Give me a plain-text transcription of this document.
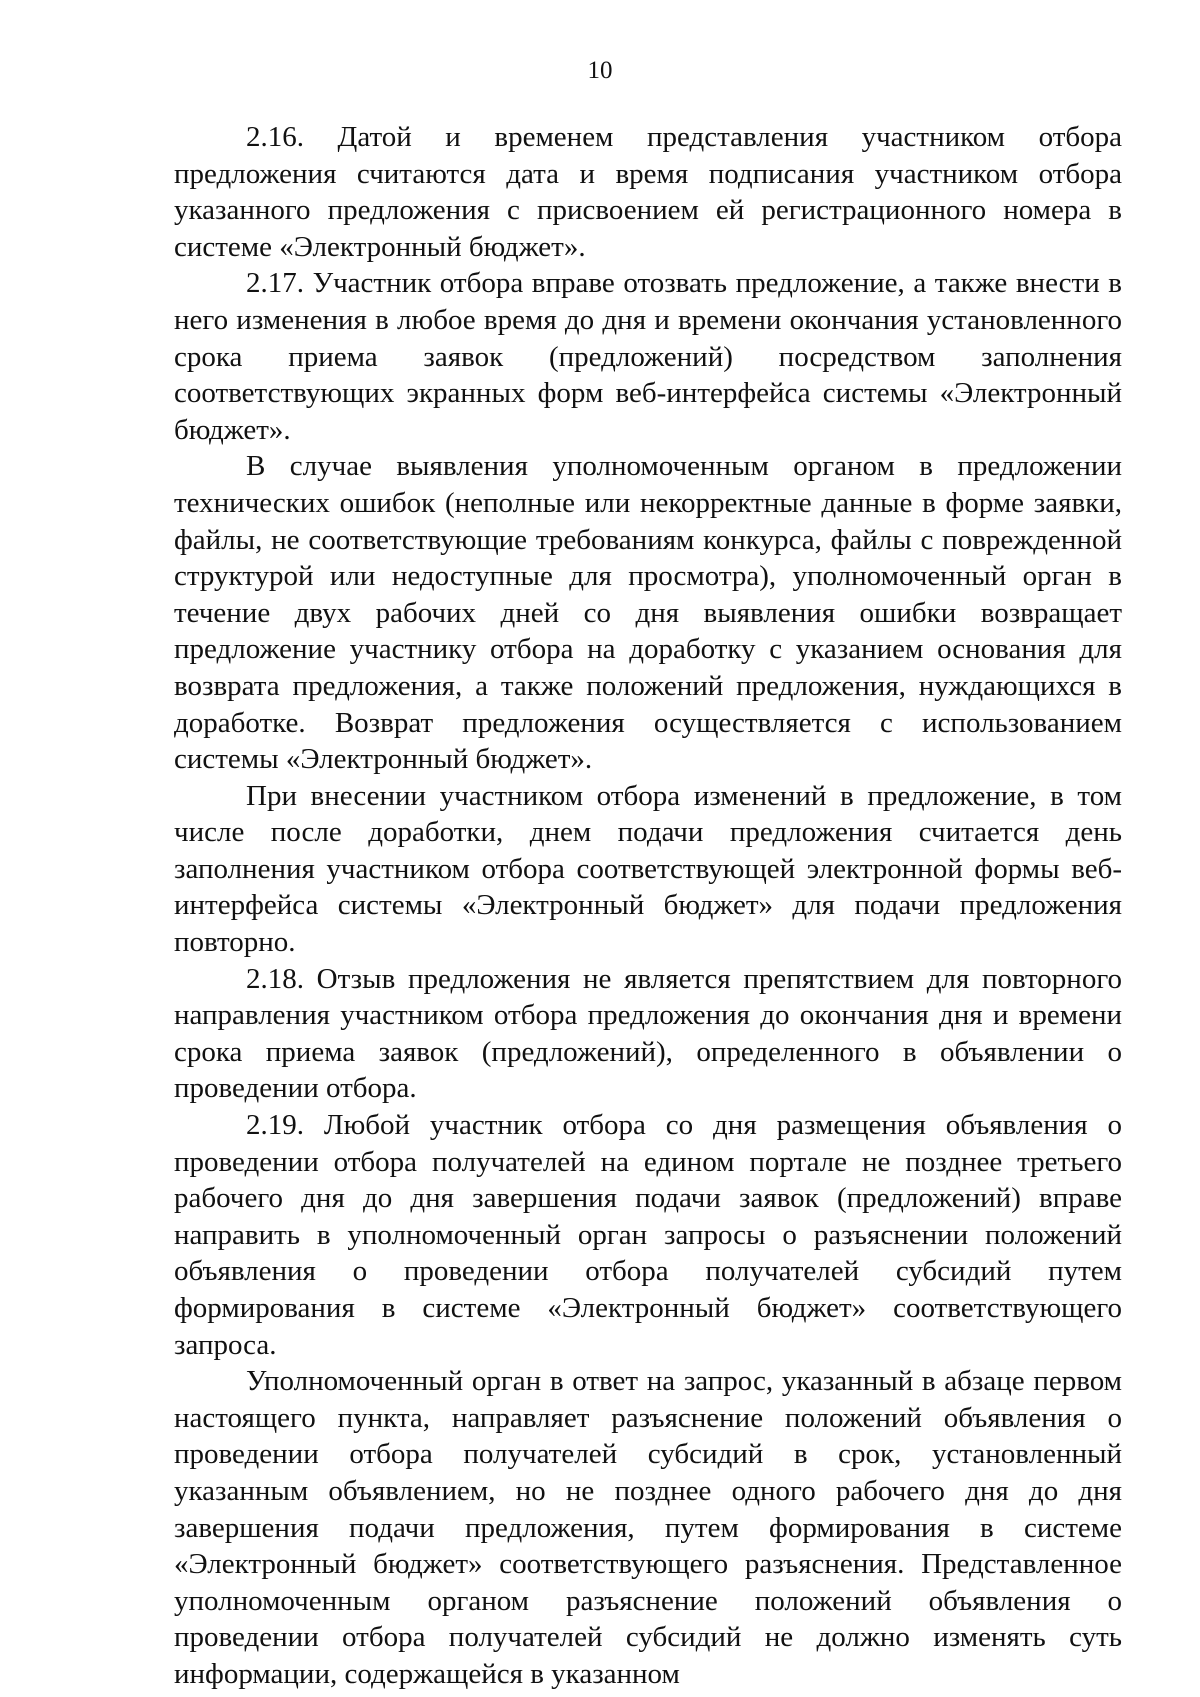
10

2.16. Датой и временем представления участником отбора предложения считаются дата и время подписания участником отбора указанного предложения с присвоением ей регистрационного номера в системе «Электронный бюджет».

2.17. Участник отбора вправе отозвать предложение, а также внести в него изменения в любое время до дня и времени окончания установленного срока приема заявок (предложений) посредством заполнения соответствующих экранных форм веб-интерфейса системы «Электронный бюджет».

В случае выявления уполномоченным органом в предложении технических ошибок (неполные или некорректные данные в форме заявки, файлы, не соответствующие требованиям конкурса, файлы с поврежденной структурой или недоступные для просмотра), уполномоченный орган в течение двух рабочих дней со дня выявления ошибки возвращает предложение участнику отбора на доработку с указанием основания для возврата предложения, а также положений предложения, нуждающихся в доработке. Возврат предложения осуществляется с использованием системы «Электронный бюджет».

При внесении участником отбора изменений в предложение, в том числе после доработки, днем подачи предложения считается день заполнения участником отбора соответствующей электронной формы веб-интерфейса системы «Электронный бюджет» для подачи предложения повторно.

2.18. Отзыв предложения не является препятствием для повторного направления участником отбора предложения до окончания дня и времени срока приема заявок (предложений), определенного в объявлении о проведении отбора.

2.19. Любой участник отбора со дня размещения объявления о проведении отбора получателей на едином портале не позднее третьего рабочего дня до дня завершения подачи заявок (предложений) вправе направить в уполномоченный орган запросы о разъяснении положений объявления о проведении отбора получателей субсидий путем формирования в системе «Электронный бюджет» соответствующего запроса.

Уполномоченный орган в ответ на запрос, указанный в абзаце первом настоящего пункта, направляет разъяснение положений объявления о проведении отбора получателей субсидий в срок, установленный указанным объявлением, но не позднее одного рабочего дня до дня завершения подачи предложения, путем формирования в системе «Электронный бюджет» соответствующего разъяснения. Представленное уполномоченным органом разъяснение положений объявления о проведении отбора получателей субсидий не должно изменять суть информации, содержащейся в указанном
